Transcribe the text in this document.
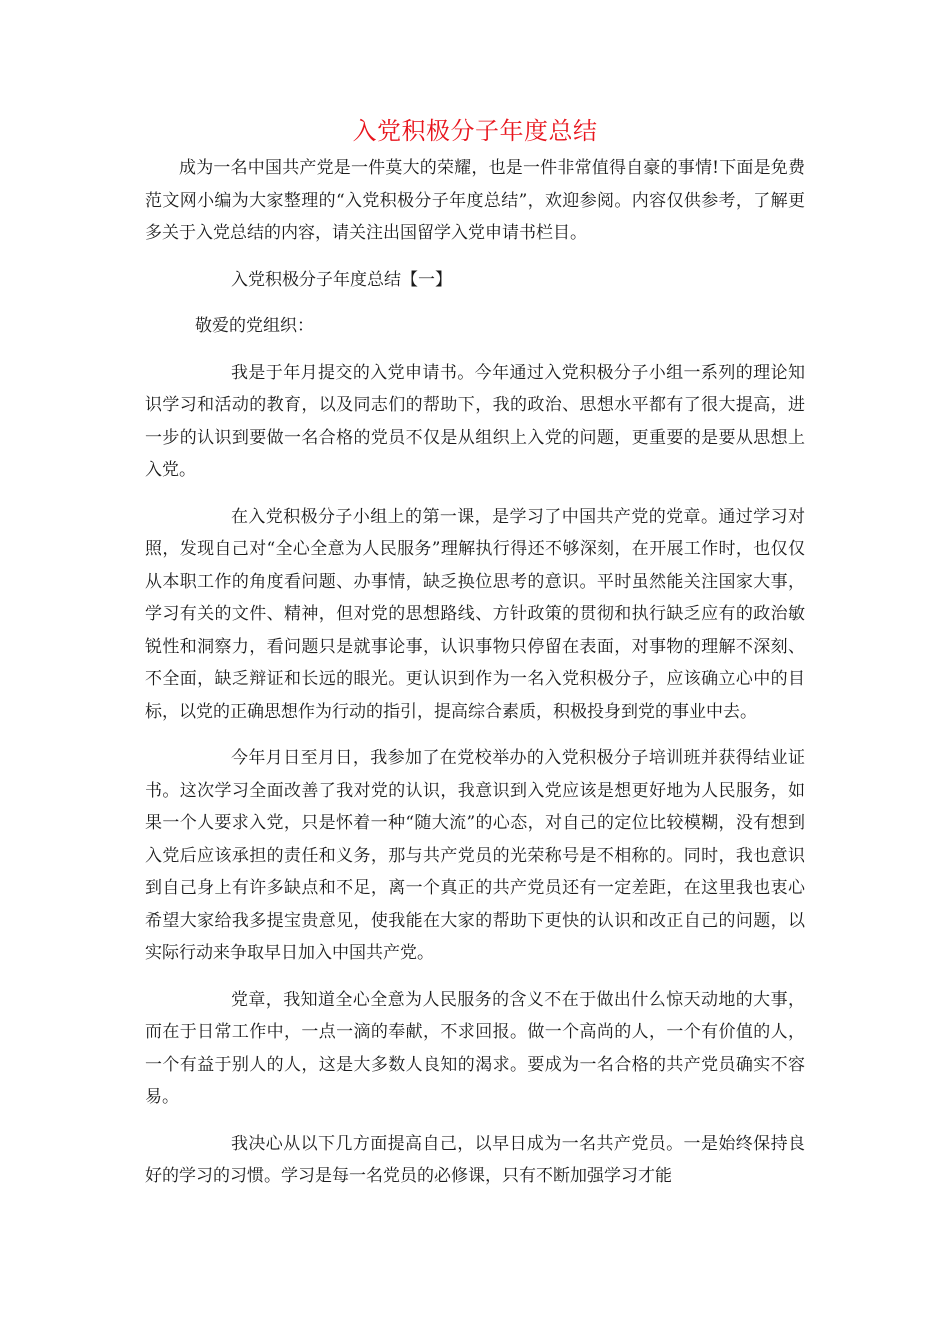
入党积极分子年度总结

成为一名中国共产党是一件莫大的荣耀，也是一件非常值得自豪的事情!下面是免费范文网小编为大家整理的“入党积极分子年度总结”，欢迎参阅。内容仅供参考，了解更多关于入党总结的内容，请关注出国留学入党申请书栏目。

入党积极分子年度总结【一】

敬爱的党组织：

我是于年月提交的入党申请书。今年通过入党积极分子小组一系列的理论知识学习和活动的教育，以及同志们的帮助下，我的政治、思想水平都有了很大提高，进一步的认识到要做一名合格的党员不仅是从组织上入党的问题，更重要的是要从思想上入党。

在入党积极分子小组上的第一课，是学习了中国共产党的党章。通过学习对照，发现自己对“全心全意为人民服务”理解执行得还不够深刻，在开展工作时，也仅仅从本职工作的角度看问题、办事情，缺乏换位思考的意识。平时虽然能关注国家大事，学习有关的文件、精神，但对党的思想路线、方针政策的贯彻和执行缺乏应有的政治敏锐性和洞察力，看问题只是就事论事，认识事物只停留在表面，对事物的理解不深刻、不全面，缺乏辩证和长远的眼光。更认识到作为一名入党积极分子，应该确立心中的目标，以党的正确思想作为行动的指引，提高综合素质，积极投身到党的事业中去。

今年月日至月日，我参加了在党校举办的入党积极分子培训班并获得结业证书。这次学习全面改善了我对党的认识，我意识到入党应该是想更好地为人民服务，如果一个人要求入党，只是怀着一种“随大流”的心态，对自己的定位比较模糊，没有想到入党后应该承担的责任和义务，那与共产党员的光荣称号是不相称的。同时，我也意识到自己身上有许多缺点和不足，离一个真正的共产党员还有一定差距，在这里我也衷心希望大家给我多提宝贵意见，使我能在大家的帮助下更快的认识和改正自己的问题，以实际行动来争取早日加入中国共产党。

党章，我知道全心全意为人民服务的含义不在于做出什么惊天动地的大事，而在于日常工作中，一点一滴的奉献，不求回报。做一个高尚的人，一个有价值的人，一个有益于别人的人，这是大多数人良知的渴求。要成为一名合格的共产党员确实不容易。

我决心从以下几方面提高自己，以早日成为一名共产党员。一是始终保持良好的学习的习惯。学习是每一名党员的必修课，只有不断加强学习才能
